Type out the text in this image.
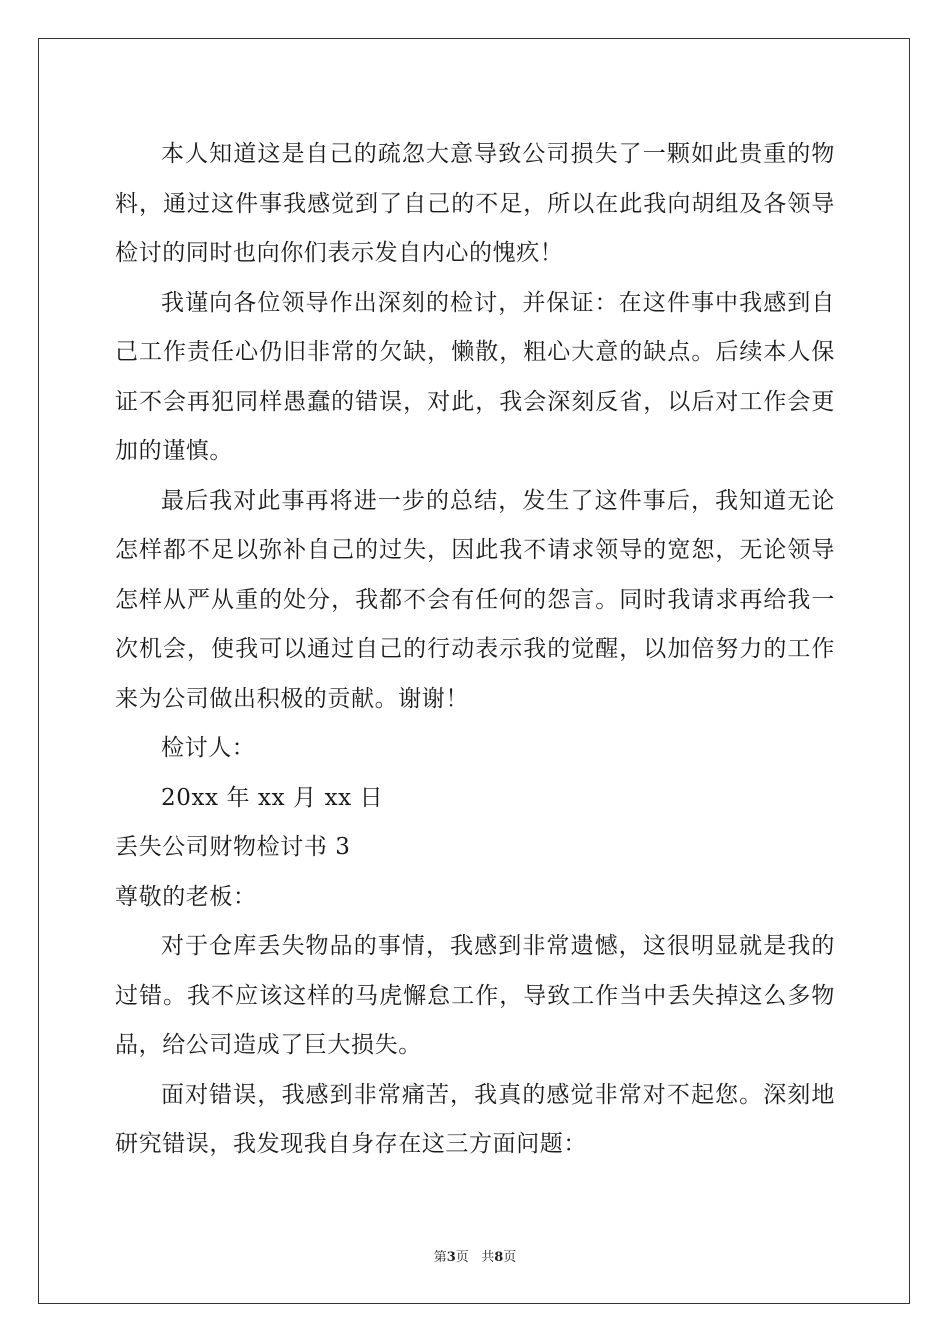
本人知道这是自己的疏忽大意导致公司损失了一颗如此贵重的物料，通过这件事我感觉到了自己的不足，所以在此我向胡组及各领导检讨的同时也向你们表示发自内心的愧疚！

我谨向各位领导作出深刻的检讨，并保证：在这件事中我感到自己工作责任心仍旧非常的欠缺，懒散，粗心大意的缺点。后续本人保证不会再犯同样愚蠢的错误，对此，我会深刻反省，以后对工作会更加的谨慎。

最后我对此事再将进一步的总结，发生了这件事后，我知道无论怎样都不足以弥补自己的过失，因此我不请求领导的宽恕，无论领导怎样从严从重的处分，我都不会有任何的怨言。同时我请求再给我一次机会，使我可以通过自己的行动表示我的觉醒，以加倍努力的工作来为公司做出积极的贡献。谢谢！

检讨人：

20xx 年 xx 月 xx 日

丢失公司财物检讨书 3

尊敬的老板：

对于仓库丢失物品的事情，我感到非常遗憾，这很明显就是我的过错。我不应该这样的马虎懈怠工作，导致工作当中丢失掉这么多物品，给公司造成了巨大损失。

面对错误，我感到非常痛苦，我真的感觉非常对不起您。深刻地研究错误，我发现我自身存在这三方面问题：

第3页 共8页
